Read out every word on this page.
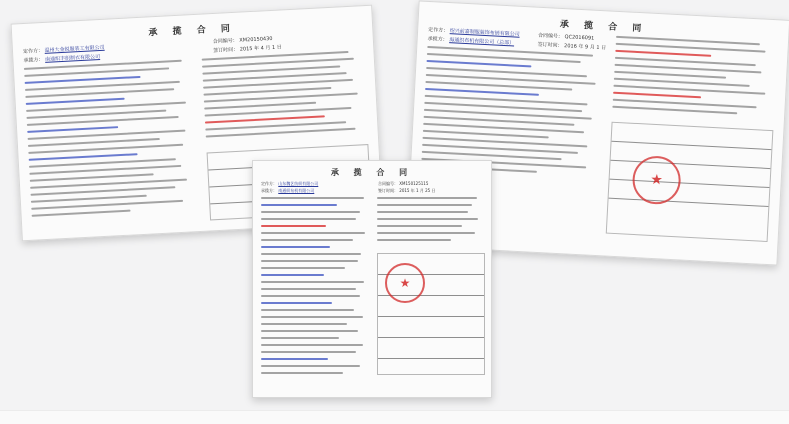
承 揽 合 同
定作方： 温州大金锐服装工有限公司
合同编号： XM20150430
承揽方： 南通织丰织制衣有限公司
签订时间： 2015 年 4 月 1 日
承 揽 合 同
定作方： 绍兴前嘉制服装饰布销有限公司	合同编号： QC2016091
承揽方： 海通织布机有限公司（总部）	签订时间： 2016 年 9 月 1 日
★
承 揽 合 同
定作方： 山东魏艺纺织有限公司	合同编号： XM150125115
承揽方： 南通织布机有限公司	签订时间： 2015 年 1 月 25 日
★
